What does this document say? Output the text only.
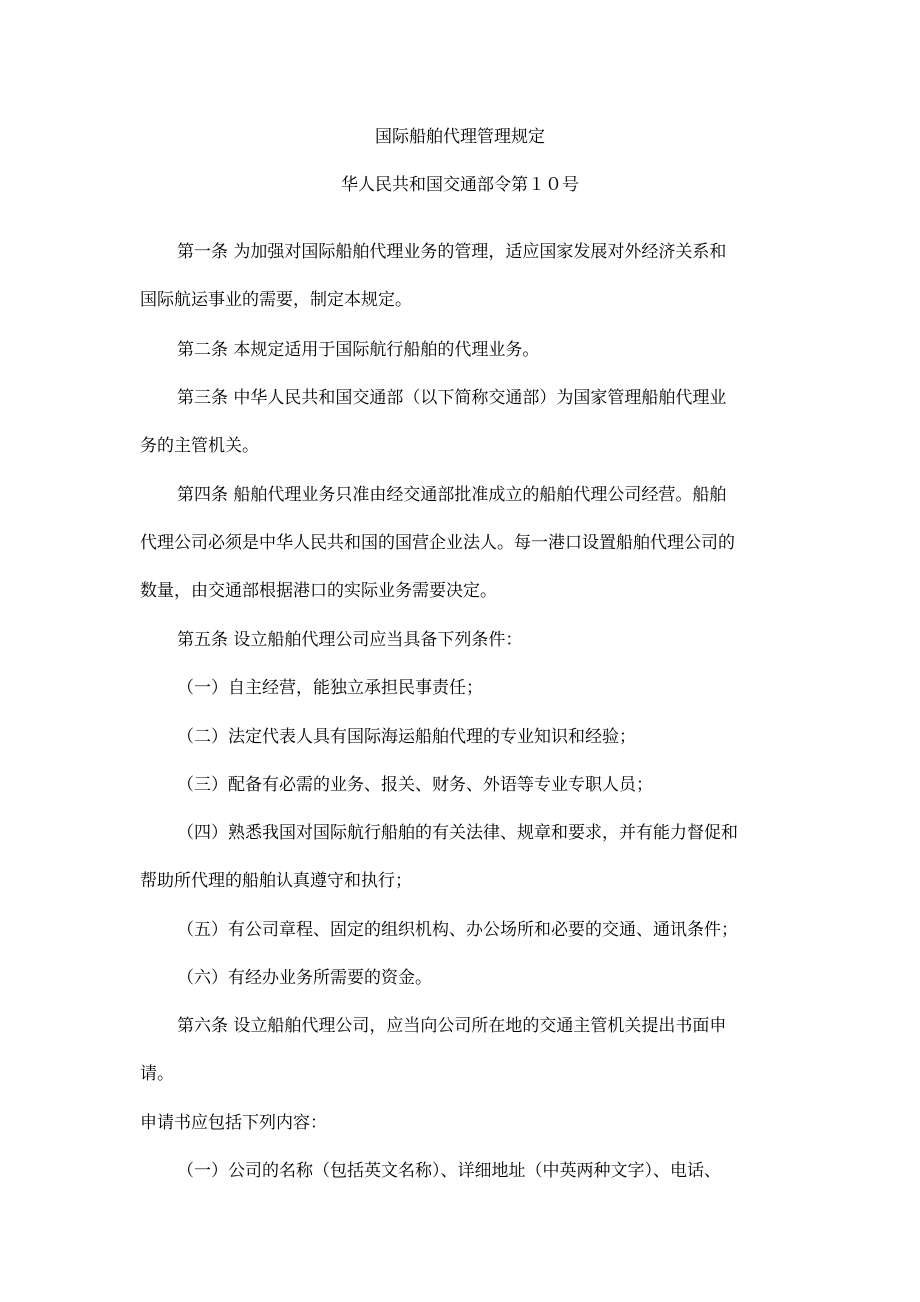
国际船舶代理管理规定
华人民共和国交通部令第１０号

第一条 为加强对国际船舶代理业务的管理，适应国家发展对外经济关系和
国际航运事业的需要，制定本规定。

第二条 本规定适用于国际航行船舶的代理业务。

第三条 中华人民共和国交通部（以下简称交通部）为国家管理船舶代理业
务的主管机关。

第四条 船舶代理业务只准由经交通部批准成立的船舶代理公司经营。船舶
代理公司必须是中华人民共和国的国营企业法人。每一港口设置船舶代理公司的
数量，由交通部根据港口的实际业务需要决定。

第五条 设立船舶代理公司应当具备下列条件：

（一）自主经营，能独立承担民事责任；

（二）法定代表人具有国际海运船舶代理的专业知识和经验；

（三）配备有必需的业务、报关、财务、外语等专业专职人员；

（四）熟悉我国对国际航行船舶的有关法律、规章和要求，并有能力督促和
帮助所代理的船舶认真遵守和执行；

（五）有公司章程、固定的组织机构、办公场所和必要的交通、通讯条件；

（六）有经办业务所需要的资金。

第六条 设立船舶代理公司，应当向公司所在地的交通主管机关提出书面申
请。

申请书应包括下列内容：

（一）公司的名称（包括英文名称）、详细地址（中英两种文字）、电话、
